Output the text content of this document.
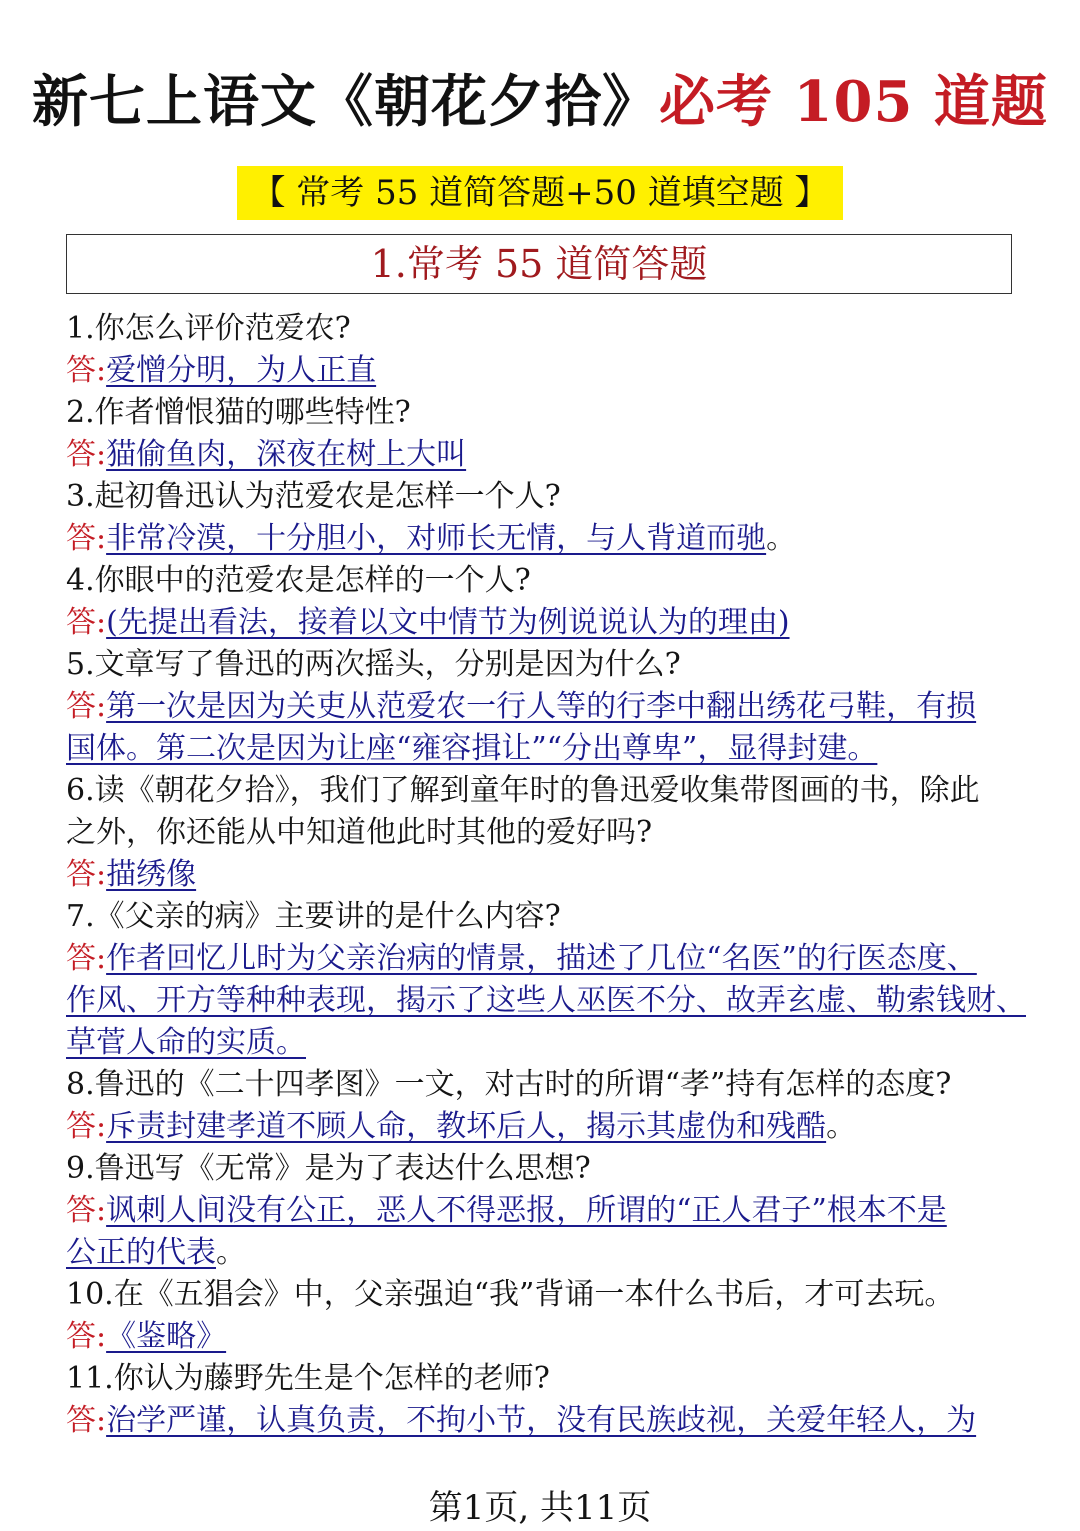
新七上语文《朝花夕拾》必考 105 道题
【 常考 55 道简答题+50 道填空题 】
1.常考 55 道简答题
1.你怎么评价范爱农?
答:爱憎分明，为人正直
2.作者憎恨猫的哪些特性?
答:猫偷鱼肉，深夜在树上大叫
3.起初鲁迅认为范爱农是怎样一个人?
答:非常冷漠，十分胆小，对师长无情，与人背道而驰。
4.你眼中的范爱农是怎样的一个人?
答:(先提出看法，接着以文中情节为例说说认为的理由)
5.文章写了鲁迅的两次摇头，分别是因为什么?
答:第一次是因为关吏从范爱农一行人等的行李中翻出绣花弓鞋，有损
国体。第二次是因为让座“雍容揖让”“分出尊卑”，显得封建。
6.读《朝花夕拾》，我们了解到童年时的鲁迅爱收集带图画的书，除此
之外，你还能从中知道他此时其他的爱好吗?
答:描绣像
7.《父亲的病》主要讲的是什么内容?
答:作者回忆儿时为父亲治病的情景，描述了几位“名医”的行医态度、
作风、开方等种种表现，揭示了这些人巫医不分、故弄玄虚、勒索钱财、
草菅人命的实质。
8.鲁迅的《二十四孝图》一文，对古时的所谓“孝”持有怎样的态度?
答:斥责封建孝道不顾人命，教坏后人，揭示其虚伪和残酷。
9.鲁迅写《无常》是为了表达什么思想?
答:讽刺人间没有公正，恶人不得恶报，所谓的“正人君子”根本不是
公正的代表。
10.在《五猖会》中，父亲强迫“我”背诵一本什么书后，才可去玩。
答:《鉴略》
11.你认为藤野先生是个怎样的老师?
答:治学严谨，认真负责，不拘小节，没有民族歧视，关爱年轻人，为
第1页, 共11页
